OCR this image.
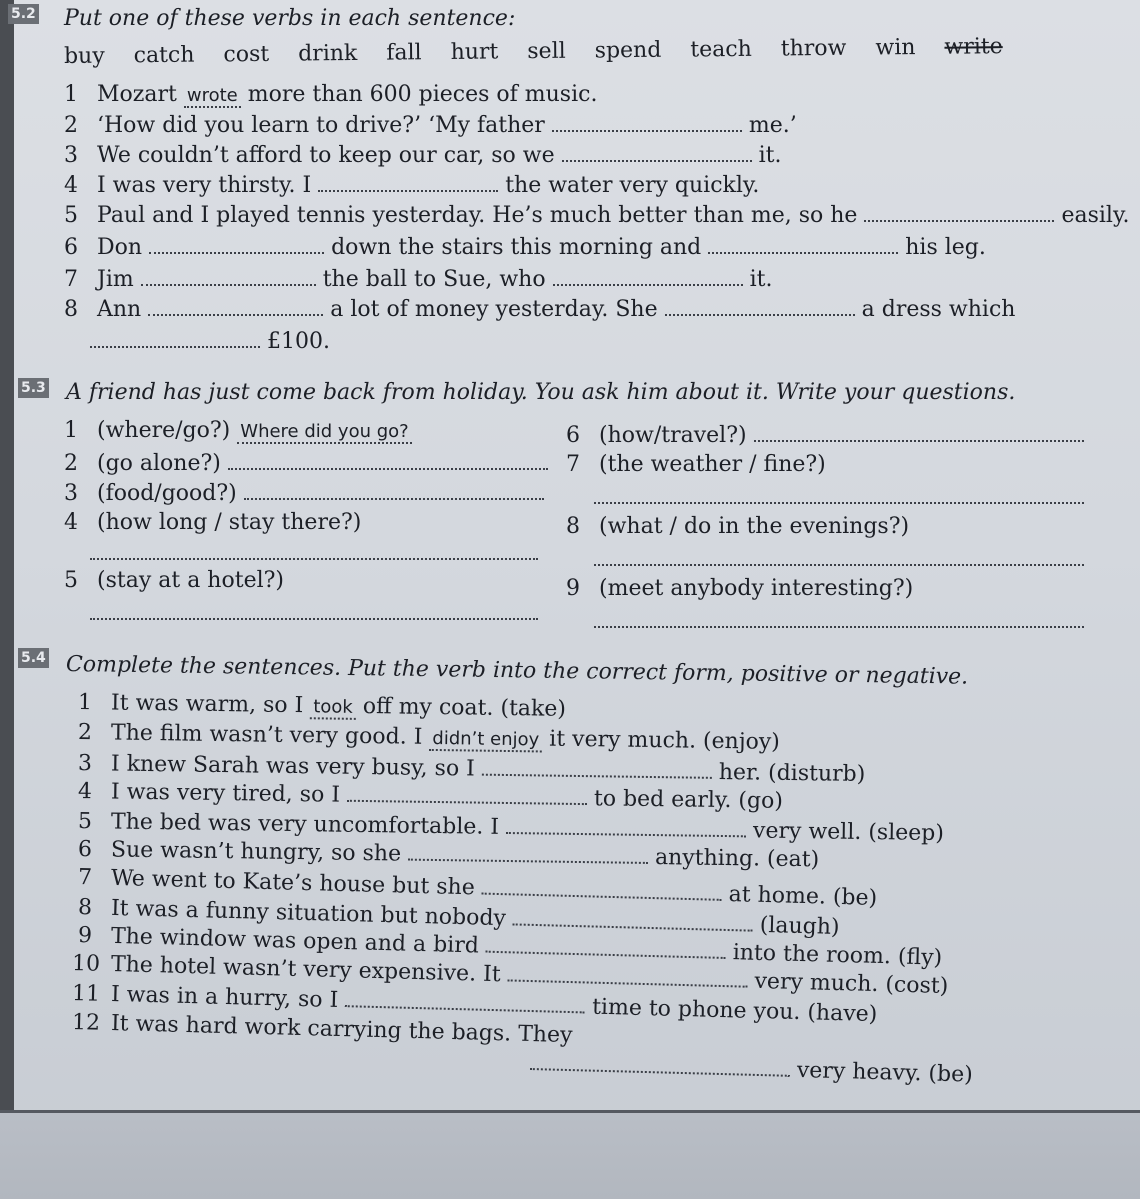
5.2 Put one of these verbs in each sentence:
buy catch cost drink fall hurt sell spend teach throw win write
1 Mozart wrote more than 600 pieces of music.
2 ‘How did you learn to drive?’ ‘My father	me.’
3 We couldn’t afford to keep our car, so we	it.
4 I was very thirsty. I	the water very quickly.
5 Paul and I played tennis yesterday. He’s much better than me, so he	easily.
6 Don	down the stairs this morning and	his leg.
7 Jim	the ball to Sue, who	it.
8 Ann	a lot of money yesterday. She	a dress which
£100.
5.3 A friend has just come back from holiday. You ask him about it. Write your questions.
1 (where/go?) Where did you go?
2 (go alone?)
3 (food/good?)
4 (how long / stay there?)
5 (stay at a hotel?)
6 (how/travel?)
7 (the weather / fine?)
8 (what / do in the evenings?)
9 (meet anybody interesting?)
5.4 Complete the sentences. Put the verb into the correct form, positive or negative.
1 It was warm, so I took off my coat. (take)
2 The film wasn’t very good. I didn’t enjoy it very much. (enjoy)
3 I knew Sarah was very busy, so I	her. (disturb)
4 I was very tired, so I	to bed early. (go)
5 The bed was very uncomfortable. I	very well. (sleep)
6 Sue wasn’t hungry, so she	anything. (eat)
7 We went to Kate’s house but she	at home. (be)
8 It was a funny situation but nobody	(laugh)
9 The window was open and a bird	into the room. (fly)
10 The hotel wasn’t very expensive. It	very much. (cost)
11 I was in a hurry, so I	time to phone you. (have)
12 It was hard work carrying the bags. They
very heavy. (be)
